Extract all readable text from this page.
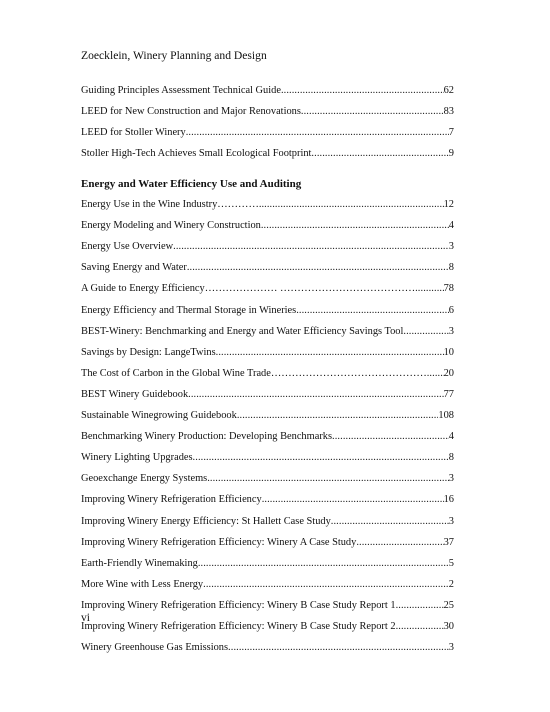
Zoecklein, Winery Planning and Design
Guiding Principles Assessment Technical Guide .....	62
LEED for New Construction and Major Renovations .....	83
LEED for Stoller Winery .....	7
Stoller High-Tech Achieves Small Ecological Footprint .....	9
Energy and Water Efficiency Use and Auditing
Energy Use in the Wine Industry…………. .....	12
Energy Modeling and Winery Construction .....	4
Energy Use Overview .....	3
Saving Energy and Water .....	8
A Guide to Energy Efficiency………………… ………………………………… .....	78
Energy Efficiency and Thermal Storage in Wineries .....	6
BEST-Winery: Benchmarking and Energy and Water Efficiency Savings Tool .....	3
Savings by Design: LangeTwins .....	10
The Cost of Carbon in the Global Wine Trade……………………………………… ..... 20
BEST Winery Guidebook .....	77
Sustainable Winegrowing Guidebook .....	108
Benchmarking Winery Production: Developing Benchmarks .....	4
Winery Lighting Upgrades .....	8
Geoexchange Energy Systems .....	3
Improving Winery Refrigeration Efficiency .....	16
Improving Winery Energy Efficiency: St Hallett Case Study .....	3
Improving Winery Refrigeration Efficiency: Winery A Case Study .....	37
Earth-Friendly Winemaking .....	5
More Wine with Less Energy .....	2
Improving Winery Refrigeration Efficiency: Winery B Case Study Report 1 .....	25
Improving Winery Refrigeration Efficiency: Winery B Case Study Report 2 .....	30
Winery Greenhouse Gas Emissions .....	3
vi
